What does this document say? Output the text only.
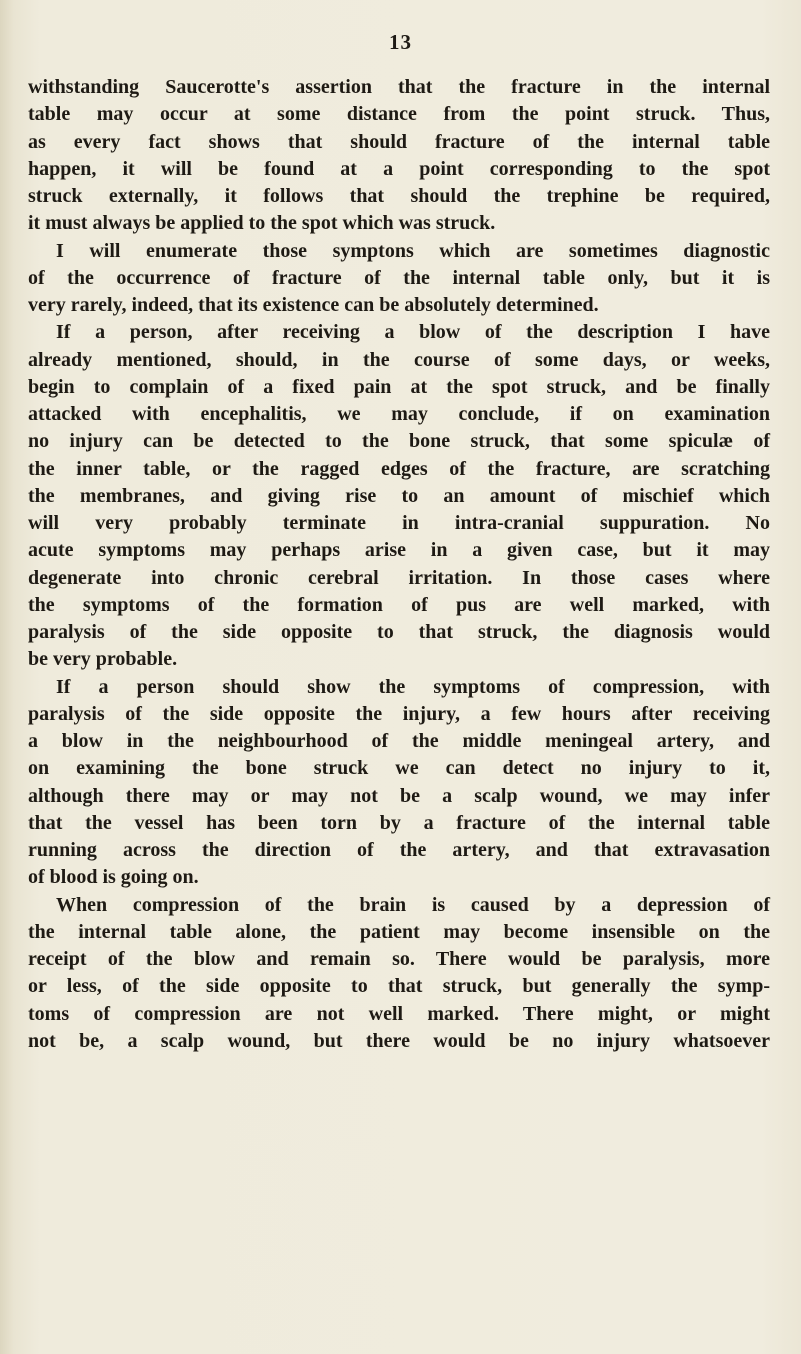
13
withstanding Saucerotte's assertion that the fracture in the internal
table may occur at some distance from the point struck. Thus,
as every fact shows that should fracture of the internal table
happen, it will be found at a point corresponding to the spot
struck externally, it follows that should the trephine be required,
it must always be applied to the spot which was struck.
I will enumerate those symptons which are sometimes diagnostic
of the occurrence of fracture of the internal table only, but it is
very rarely, indeed, that its existence can be absolutely determined.
If a person, after receiving a blow of the description I have
already mentioned, should, in the course of some days, or weeks,
begin to complain of a fixed pain at the spot struck, and be finally
attacked with encephalitis, we may conclude, if on examination
no injury can be detected to the bone struck, that some spiculæ of
the inner table, or the ragged edges of the fracture, are scratching
the membranes, and giving rise to an amount of mischief which
will very probably terminate in intra-cranial suppuration. No
acute symptoms may perhaps arise in a given case, but it may
degenerate into chronic cerebral irritation. In those cases where
the symptoms of the formation of pus are well marked, with
paralysis of the side opposite to that struck, the diagnosis would
be very probable.
If a person should show the symptoms of compression, with
paralysis of the side opposite the injury, a few hours after receiving
a blow in the neighbourhood of the middle meningeal artery, and
on examining the bone struck we can detect no injury to it,
although there may or may not be a scalp wound, we may infer
that the vessel has been torn by a fracture of the internal table
running across the direction of the artery, and that extravasation
of blood is going on.
When compression of the brain is caused by a depression of
the internal table alone, the patient may become insensible on the
receipt of the blow and remain so. There would be paralysis, more
or less, of the side opposite to that struck, but generally the symp-
toms of compression are not well marked. There might, or might
not be, a scalp wound, but there would be no injury whatsoever
